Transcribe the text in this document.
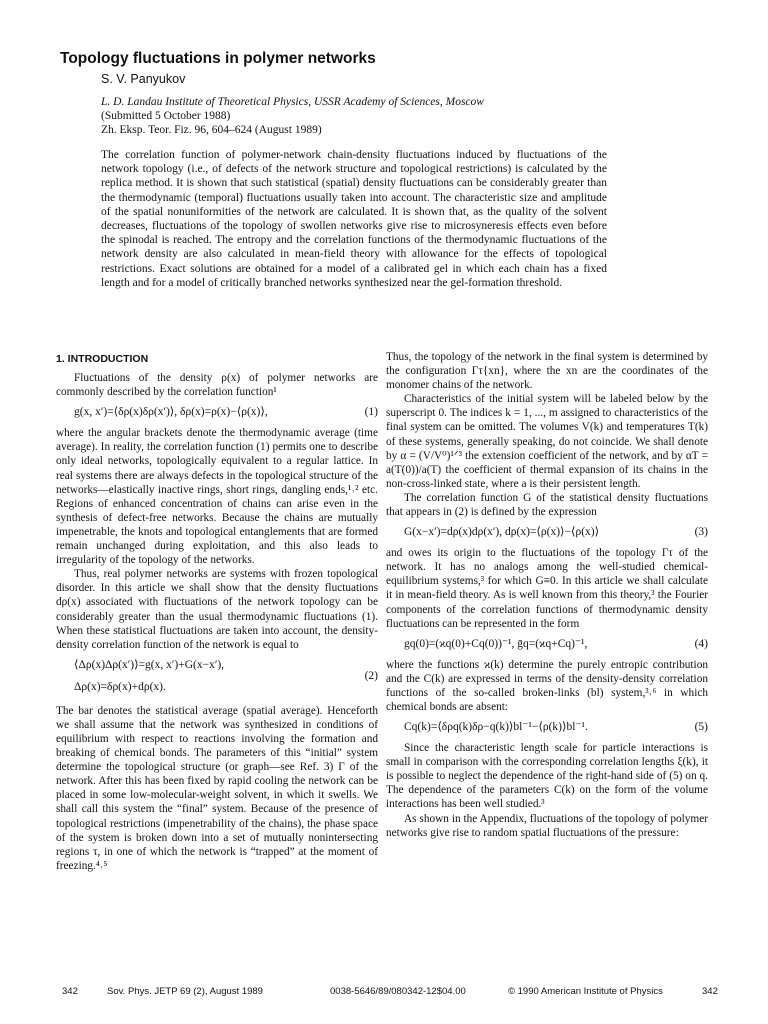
Topology fluctuations in polymer networks
S. V. Panyukov
L. D. Landau Institute of Theoretical Physics, USSR Academy of Sciences, Moscow
(Submitted 5 October 1988)
Zh. Eksp. Teor. Fiz. 96, 604–624 (August 1989)

The correlation function of polymer-network chain-density fluctuations induced by fluctuations of the network topology (i.e., of defects of the network structure and topological restrictions) is calculated by the replica method. It is shown that such statistical (spatial) density fluctuations can be considerably greater than the thermodynamic (temporal) fluctuations usually taken into account. The characteristic size and amplitude of the spatial nonuniformities of the network are calculated. It is shown that, as the quality of the solvent decreases, fluctuations of the topology of swollen networks give rise to microsyneresis effects even before the spinodal is reached. The entropy and the correlation functions of the thermodynamic fluctuations of the network density are also calculated in mean-field theory with allowance for the effects of topological restrictions. Exact solutions are obtained for a model of a calibrated gel in which each chain has a fixed length and for a model of critically branched networks synthesized near the gel-formation threshold.

1. INTRODUCTION

Fluctuations of the density ρ(x) of polymer networks are commonly described by the correlation function¹

g(x, x′)=⟨δρ(x)δρ(x′)⟩, δρ(x)=ρ(x)−⟨ρ(x)⟩,	(1)

where the angular brackets denote the thermodynamic average (time average). In reality, the correlation function (1) permits one to describe only ideal networks, topologically equivalent to a regular lattice. In real systems there are always defects in the topological structure of the networks—elastically inactive rings, short rings, dangling ends,¹˒² etc. Regions of enhanced concentration of chains can arise even in the synthesis of defect-free networks. Because the chains are mutually impenetrable, the knots and topological entanglements that are formed remain unchanged during exploitation, and this also leads to irregularity of the topology of the networks.

Thus, real polymer networks are systems with frozen topological disorder. In this article we shall show that the density fluctuations dρ(x) associated with fluctuations of the network topology can be considerably greater than the usual thermodynamic fluctuations (1). When these statistical fluctuations are taken into account, the density-density correlation function of the network is equal to

⟨Δρ(x)Δρ(x′)⟩=g(x, x′)+G(x−x′),
Δρ(x)=δρ(x)+dρ(x).
(2)

The bar denotes the statistical average (spatial average). Henceforth we shall assume that the network was synthesized in conditions of equilibrium with respect to reactions involving the formation and breaking of chemical bonds. The parameters of this “initial” system determine the topological structure (or graph—see Ref. 3) Γ of the network. After this has been fixed by rapid cooling the network can be placed in some low-molecular-weight solvent, in which it swells. We shall call this system the “final” system. Because of the presence of topological restrictions (impenetrability of the chains), the phase space of the system is broken down into a set of mutually nonintersecting regions τ, in one of which the network is “trapped” at the moment of freezing.⁴˒⁵

Thus, the topology of the network in the final system is determined by the configuration Γτ{xn}, where the xn are the coordinates of the monomer chains of the network.

Characteristics of the initial system will be labeled below by the superscript 0. The indices k = 1, ..., m assigned to characteristics of the final system can be omitted. The volumes V(k) and temperatures T(k) of these systems, generally speaking, do not coincide. We shall denote by α = (V/V⁰)¹ᐟ³ the extension coefficient of the network, and by αT = a(T(0))/a(T) the coefficient of thermal expansion of its chains in the non-cross-linked state, where a is their persistent length.

The correlation function G of the statistical density fluctuations that appears in (2) is defined by the expression

G(x−x′)=dρ(x)dρ(x′), dρ(x)=⟨ρ(x)⟩−⟨ρ(x)⟩	(3)

and owes its origin to the fluctuations of the topology Γτ of the network. It has no analogs among the well-studied chemical-equilibrium systems,³ for which G≡0. In this article we shall calculate it in mean-field theory. As is well known from this theory,³ the Fourier components of the correlation functions of thermodynamic density fluctuations can be represented in the form

gq(0)=(ϰq(0)+Cq(0))⁻¹, ḡq=(ϰq+Cq)⁻¹,	(4)

where the functions ϰ(k) determine the purely entropic contribution and the C(k) are expressed in terms of the density-density correlation functions of the so-called broken-links (bl) system,³˒⁶ in which chemical bonds are absent:

Cq(k)=⟨δρq(k)δρ−q(k)⟩bl⁻¹−⟨ρ(k)⟩bl⁻¹.	(5)

Since the characteristic length scale for particle interactions is small in comparison with the corresponding correlation lengths ξ(k), it is possible to neglect the dependence of the right-hand side of (5) on q. The dependence of the parameters C(k) on the form of the volume interactions has been well studied.³

As shown in the Appendix, fluctuations of the topology of polymer networks give rise to random spatial fluctuations of the pressure:

342	Sov. Phys. JETP 69 (2), August 1989	0038-5646/89/080342-12$04.00	© 1990 American Institute of Physics	342
